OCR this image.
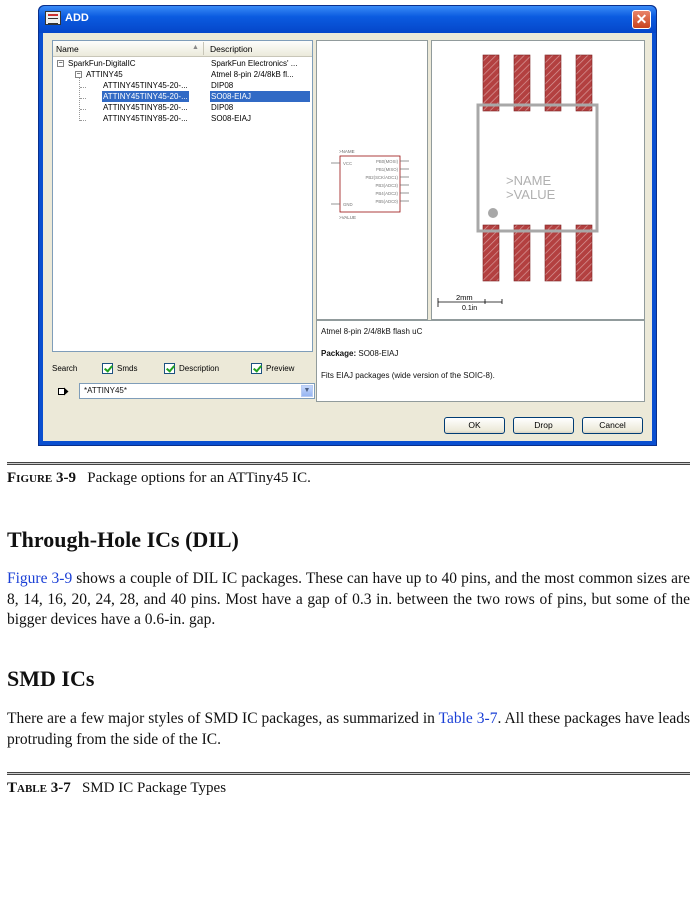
ADD	✕
Name	▲ Description
− SparkFun-DigitalIC	SparkFun Electronics' ...
− ATTINY45	Atmel 8-pin 2/4/8kB fl...
ATTINY45TINY45-20-...	DIP08
ATTINY45TINY45-20-...	SO08-EIAJ
ATTINY45TINY85-20-...	DIP08
ATTINY45TINY85-20-...	SO08-EIAJ
Search	Smds	Description	Preview
*ATTINY45*	▼
>NAME
>VALUE
VCC
GND
PB0(MOSI)
PB1(MISO)
PB2(SCK/ADC1)
PB3(ADC3)
PB4(ADC2)
PB5(ADC0)
>NAME
>VALUE
2mm
0.1in
Atmel 8-pin 2/4/8kB flash uC
Package: SO08-EIAJ
Fits EIAJ packages (wide version of the SOIC-8).
OK	Drop	Cancel
Figure 3-9 Package options for an ATTiny45 IC.
Through-Hole ICs (DIL)
Figure 3-9 shows a couple of DIL IC packages. These can have up to 40 pins, and the most common sizes are 8, 14, 16, 20, 24, 28, and 40 pins. Most have a gap of 0.3 in. between the two rows of pins, but some of the bigger devices have a 0.6-in. gap.
SMD ICs
There are a few major styles of SMD IC packages, as summarized in Table 3-7. All these packages have leads protruding from the side of the IC.
Table 3-7 SMD IC Package Types
